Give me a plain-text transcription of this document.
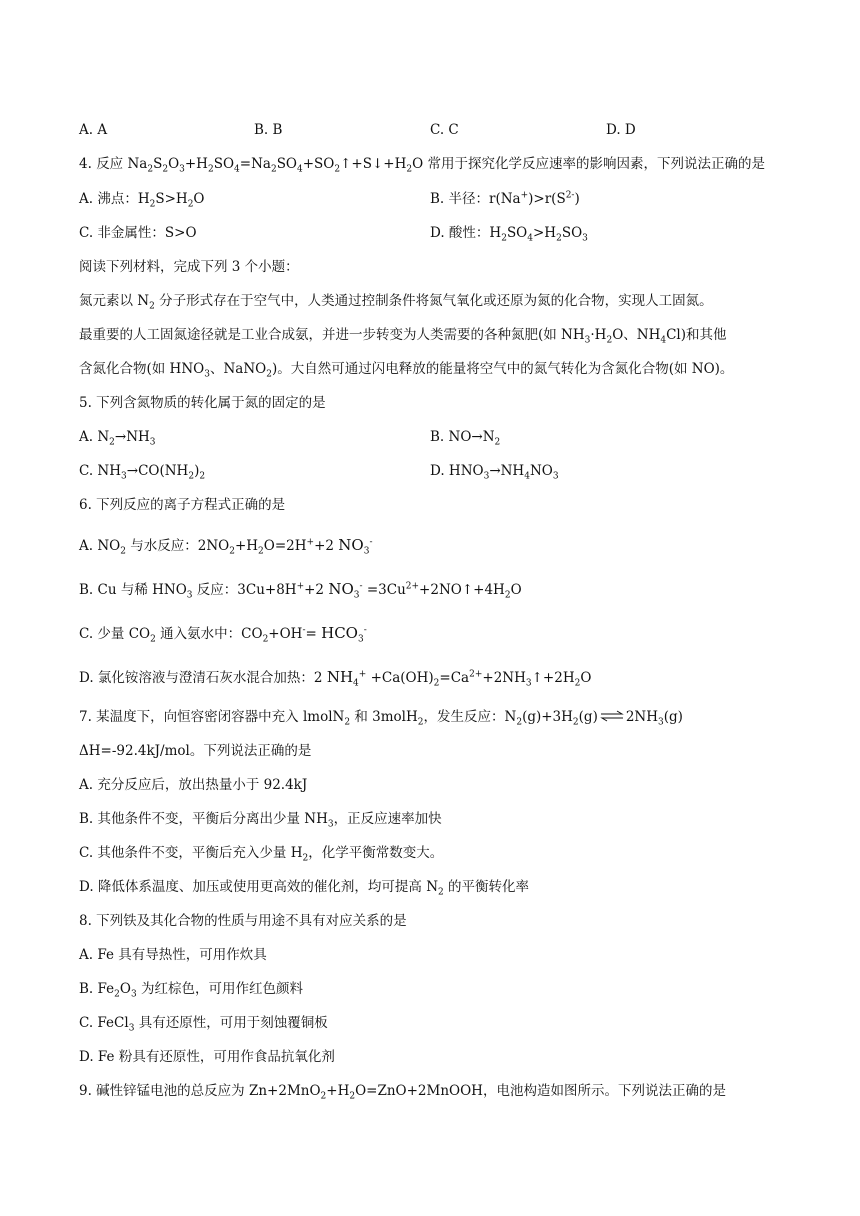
A. A	B. B	C. C	D. D
4. 反应 $Na_2S_2O_3+H_2SO_4=Na_2SO_4+SO_2↑+S↓+H_2O$ 常用于探究化学反应速率的影响因素，下列说法正确的是
A. 沸点：$H_2S>H_2O$	B. 半径：$r(Na^+)>r(S^{2-})$
C. 非金属性：S>O	D. 酸性：$H_2SO_4>H_2SO_3$
阅读下列材料，完成下列 3 个小题：
氮元素以 $N_2$ 分子形式存在于空气中，人类通过控制条件将氮气氧化或还原为氮的化合物，实现人工固氮。
最重要的人工固氮途径就是工业合成氨，并进一步转变为人类需要的各种氮肥(如 $NH_3\cdot H_2O$、$NH_4Cl$)和其他
含氮化合物(如 $HNO_3$、NaNO$_2$)。大自然可通过闪电释放的能量将空气中的氮气转化为含氮化合物(如 NO)。
5. 下列含氮物质的转化属于氮的固定的是
A. $N_2\to NH_3$	B. $NO\to N_2$
C. $NH_3\to CO(NH_2)_2$	D. $HNO_3\to NH_4NO_3$
6. 下列反应的离子方程式正确的是
A. $NO_2$ 与水反应：$2NO_2+H_2O=2H^++2$ $NO_3^-$
B. Cu 与稀 $HNO_3$ 反应：3Cu+8H++2 $NO_3^-$ $=3Cu^{2+}+2NO↑+4H_2O$
C. 少量 $CO_2$ 通入氨水中：$CO_2+OH^-= HCO_3^-$
D. 氯化铵溶液与澄清石灰水混合加热：2 $NH_4^+$ $+Ca(OH)_2=Ca^{2+}+2NH_3↑+2H_2O$
7. 某温度下，向恒容密闭容器中充入 lmolN$_2$ 和 3molH$_2$，发生反应：$N_2(g)+3H_2(g)$ ⇌ $2NH_3(g)$
ΔH=-92.4kJ/mol。下列说法正确的是
A. 充分反应后，放出热量小于 92.4kJ
B. 其他条件不变，平衡后分离出少量 $NH_3$，正反应速率加快
C. 其他条件不变，平衡后充入少量 $H_2$，化学平衡常数变大。
D. 降低体系温度、加压或使用更高效的催化剂，均可提高 $N_2$ 的平衡转化率
8. 下列铁及其化合物的性质与用途不具有对应关系的是
A. Fe 具有导热性，可用作炊具
B. $Fe_2O_3$ 为红棕色，可用作红色颜料
C. FeCl$_3$ 具有还原性，可用于刻蚀覆铜板
D. Fe 粉具有还原性，可用作食品抗氧化剂
9. 碱性锌锰电池的总反应为 $Zn+2MnO_2+H_2O=ZnO+2MnOOH$，电池构造如图所示。下列说法正确的是
